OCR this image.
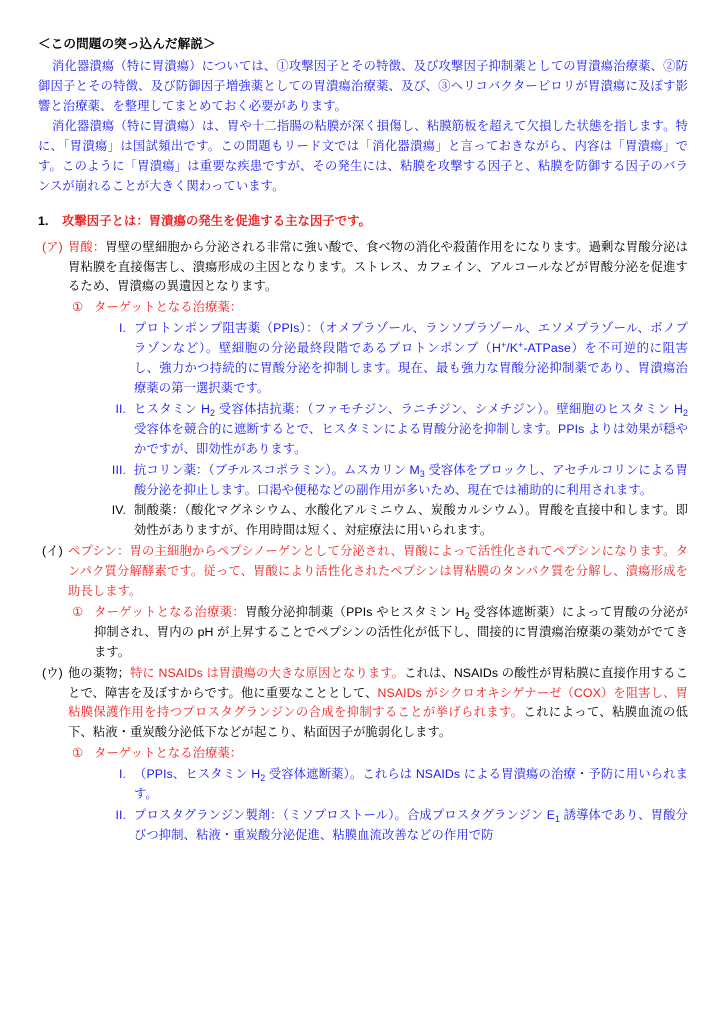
＜この問題の突っ込んだ解説＞

消化器潰瘍（特に胃潰瘍）については、①攻撃因子とその特徴、及び攻撃因子抑制薬としての胃潰瘍治療薬、②防御因子とその特徴、及び防御因子増強薬としての胃潰瘍治療薬、及び、③ヘリコバクターピロリが胃潰瘍に及ぼす影響と治療薬、を整理してまとめておく必要があります。

消化器潰瘍（特に胃潰瘍）は、胃や十二指腸の粘膜が深く損傷し、粘膜筋板を超えて欠損した状態を指します。特に、「胃潰瘍」は国試頻出です。この問題もリード文では「消化器潰瘍」と言っておきながら、内容は「胃潰瘍」です。このように「胃潰瘍」は重要な疾患ですが、その発生には、粘膜を攻撃する因子と、粘膜を防御する因子のバランスが崩れることが大きく関わっています。

1.	攻撃因子とは：胃潰瘍の発生を促進する主な因子です。
(ア) 胃酸：胃壁の壁細胞から分泌される非常に強い酸で、食べ物の消化や殺菌作用をになります。過剰な胃酸分泌は胃粘膜を直接傷害し、潰瘍形成の主因となります。ストレス、カフェイン、アルコールなどが胃酸分泌を促進するため、胃潰瘍の異遺因となります。
① ターゲットとなる治療薬：
I. プロトンポンプ阻害薬（PPIs）：（オメプラゾール、ランソプラゾール、エソメプラゾール、ボノプラゾンなど）。壁細胞の分泌最終段階であるプロトンポンプ（H+/K+-ATPase）を不可逆的に阻害し、強力かつ持続的に胃酸分泌を抑制します。現在、最も強力な胃酸分泌抑制薬であり、胃潰瘍治療薬の第一選択薬です。
II. ヒスタミン $H_2$ 受容体拮抗薬：（ファモチジン、ラニチジン、シメチジン）。壁細胞のヒスタミン $H_2$ 受容体を競合的に遮断するとで、ヒスタミンによる胃酸分泌を抑制します。PPIs よりは効果が穏やかですが、即効性があります。
III. 抗コリン薬：（ブチルスコポラミン）。ムスカリン $M_3$ 受容体をブロックし、アセチルコリンによる胃酸分泌を抑止します。口渇や便秘などの副作用が多いため、現在では補助的に利用されます。
IV. 制酸薬：（酸化マグネシウム、水酸化アルミニウム、炭酸カルシウム）。胃酸を直接中和します。即効性がありますが、作用時間は短く、対症療法に用いられます。
(イ) ペプシン：胃の主細胞からペプシノーゲンとして分泌され、胃酸によって活性化されてペプシンになります。タンパク質分解酵素です。従って、胃酸により活性化されたペプシンは胃粘膜のタンパク質を分解し、潰瘍形成を助長します。
① ターゲットとなる治療薬：胃酸分泌抑制薬（PPIs やヒスタミン $H_2$ 受容体遮断薬）によって胃酸の分泌が抑制され、胃内の pH が上昇することでペプシンの活性化が低下し、間接的に胃潰瘍治療薬の薬効がでてきます。
(ウ) 他の薬物；特に NSAIDs は胃潰瘍の大きな原因となります。これは、NSAIDs の酸性が胃粘膜に直接作用することで、障害を及ぼすからです。他に重要なこととして、NSAIDs がシクロオキシゲナーゼ（COX）を阻害し、胃粘膜保護作用を持つプロスタグランジンの合成を抑制することが挙げられます。これによって、粘膜血流の低下、粘液・重炭酸分泌低下などが起こり、粘面因子が脆弱化します。
① ターゲットとなる治療薬：
I. （PPIs、ヒスタミン $H_2$ 受容体遮断薬）。これらは NSAIDs による胃潰瘍の治療・予防に用いられます。
II. プロスタグランジン製剤：（ミソプロストール）。合成プロスタグランジン $E_1$ 誘導体であり、胃酸分びつ抑制、粘液・重炭酸分泌促進、粘膜血流改善などの作用で防
